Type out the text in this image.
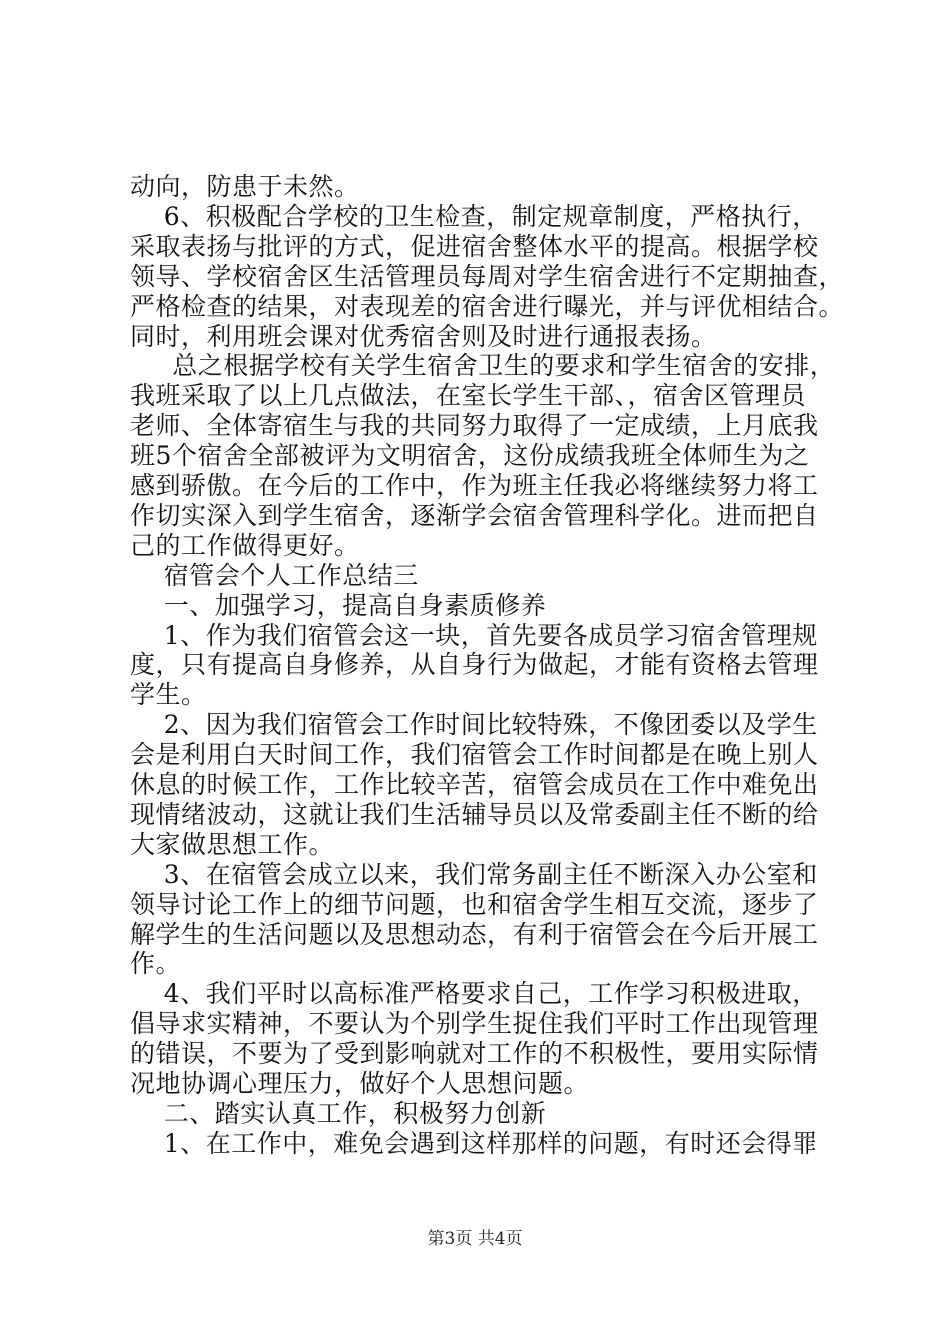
动向，防患于未然。
6、积极配合学校的卫生检查，制定规章制度，严格执行，
采取表扬与批评的方式，促进宿舍整体水平的提高。根据学校
领导、学校宿舍区生活管理员每周对学生宿舍进行不定期抽查，
严格检查的结果，对表现差的宿舍进行曝光，并与评优相结合。
同时，利用班会课对优秀宿舍则及时进行通报表扬。
总之根据学校有关学生宿舍卫生的要求和学生宿舍的安排，
我班采取了以上几点做法，在室长学生干部、，宿舍区管理员
老师、全体寄宿生与我的共同努力取得了一定成绩，上月底我
班5个宿舍全部被评为文明宿舍，这份成绩我班全体师生为之
感到骄傲。在今后的工作中，作为班主任我必将继续努力将工
作切实深入到学生宿舍，逐渐学会宿舍管理科学化。进而把自
己的工作做得更好。
宿管会个人工作总结三
一、加强学习，提高自身素质修养
1、作为我们宿管会这一块，首先要各成员学习宿舍管理规
度，只有提高自身修养，从自身行为做起，才能有资格去管理
学生。
2、因为我们宿管会工作时间比较特殊，不像团委以及学生
会是利用白天时间工作，我们宿管会工作时间都是在晚上别人
休息的时候工作，工作比较辛苦，宿管会成员在工作中难免出
现情绪波动，这就让我们生活辅导员以及常委副主任不断的给
大家做思想工作。
3、在宿管会成立以来，我们常务副主任不断深入办公室和
领导讨论工作上的细节问题，也和宿舍学生相互交流，逐步了
解学生的生活问题以及思想动态，有利于宿管会在今后开展工
作。
4、我们平时以高标准严格要求自己，工作学习积极进取，
倡导求实精神，不要认为个别学生捉住我们平时工作出现管理
的错误，不要为了受到影响就对工作的不积极性，要用实际情
况地协调心理压力，做好个人思想问题。
二、踏实认真工作，积极努力创新
1、在工作中，难免会遇到这样那样的问题，有时还会得罪
第3页 共4页
